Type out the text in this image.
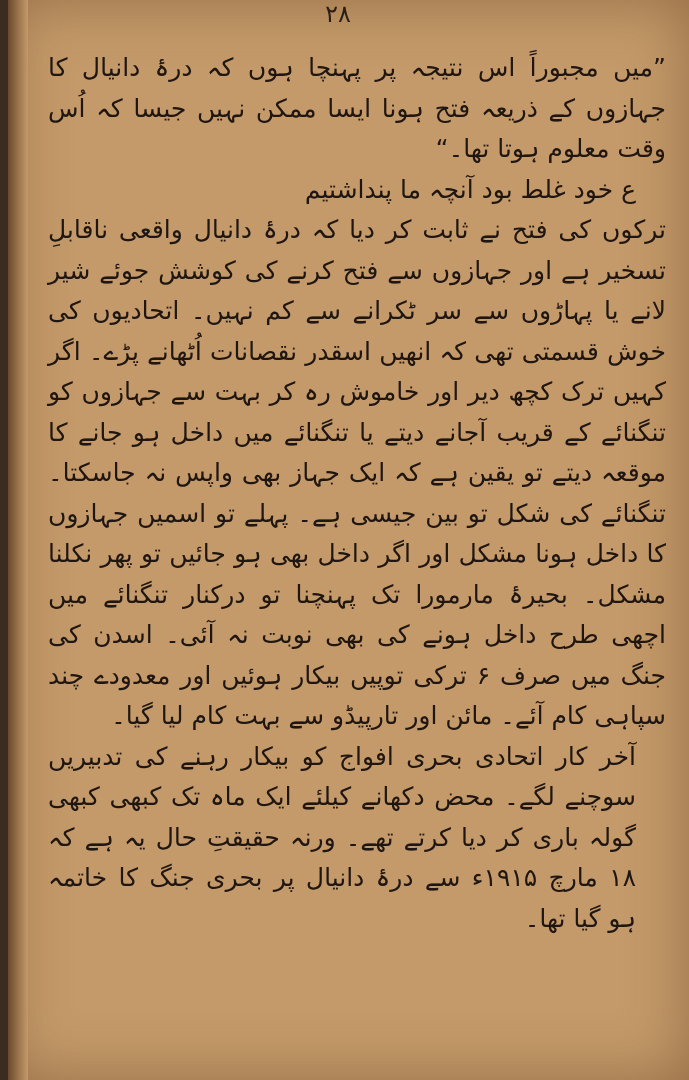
۲۸

”میں مجبوراً اس نتیجہ پر پہنچا ہوں کہ درۂ دانیال کا جہازوں کے ذریعہ فتح ہونا ایسا ممکن نہیں جیسا کہ اُس وقت معلوم ہوتا تھا۔“

ع خود غلط بود آنچہ ما پنداشتیم

ترکوں کی فتح نے ثابت کر دیا کہ درۂ دانیال واقعی ناقابلِ تسخیر ہے اور جہازوں سے فتح کرنے کی کوشش جوئے شیر لانے یا پہاڑوں سے سر ٹکرانے سے کم نہیں۔ اتحادیوں کی خوش قسمتی تھی کہ انھیں اسقدر نقصانات اُٹھانے پڑے۔ اگر کہیں ترک کچھ دیر اور خاموش رہ کر بہت سے جہازوں کو تنگنائے کے قریب آجانے دیتے یا تنگنائے میں داخل ہو جانے کا موقعہ دیتے تو یقین ہے کہ ایک جہاز بھی واپس نہ جاسکتا۔ تنگنائے کی شکل تو بین جیسی ہے۔ پہلے تو اسمیں جہازوں کا داخل ہونا مشکل اور اگر داخل بھی ہو جائیں تو پھر نکلنا مشکل۔ بحیرۂ مارمورا تک پہنچنا تو درکنار تنگنائے میں اچھی طرح داخل ہونے کی بھی نوبت نہ آئی۔ اسدن کی جنگ میں صرف ۶ ترکی توپیں بیکار ہوئیں اور معدودے چند سپاہی کام آئے۔ مائن اور تارپیڈو سے بہت کام لیا گیا۔

آخر کار اتحادی بحری افواج کو بیکار رہنے کی تدبیریں سوچنے لگے۔ محض دکھانے کیلئے ایک ماہ تک کبھی کبھی گولہ باری کر دیا کرتے تھے۔ ورنہ حقیقتِ حال یہ ہے کہ ۱۸ مارچ ۱۹۱۵ء سے درۂ دانیال پر بحری جنگ کا خاتمہ ہو گیا تھا۔
